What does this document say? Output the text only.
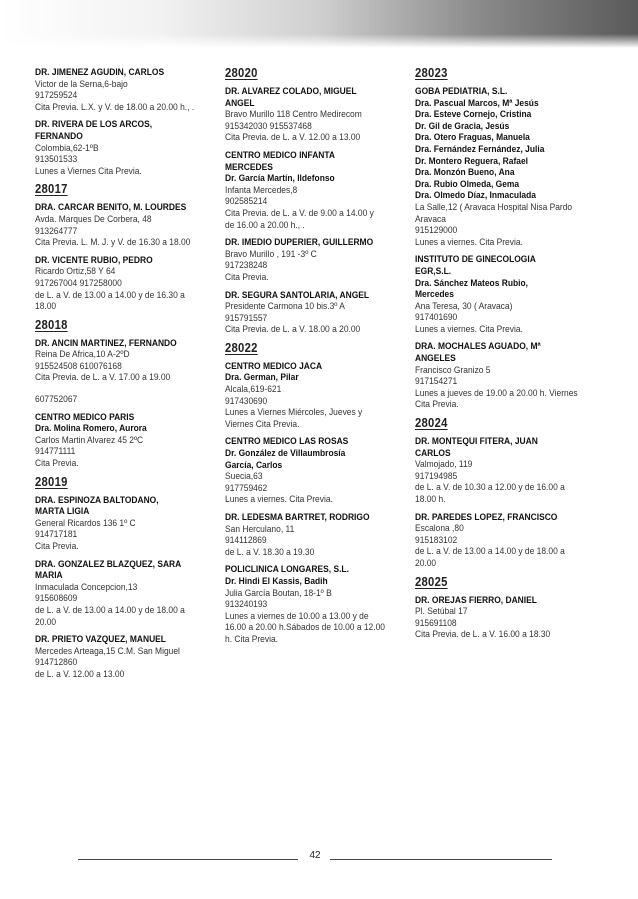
DR. JIMENEZ AGUDIN, CARLOS
Victor de la Serna,6-bajo
917259524
Cita Previa. L.X. y V. de 18.00 a 20.00 h., .
DR. RIVERA DE LOS ARCOS,
FERNANDO
Colombia,62-1ºB
913501533
Lunes a Viernes Cita Previa.
28017
DRA. CARCAR BENITO, M. LOURDES
Avda. Marques De Corbera, 48
913264777
Cita Previa. L. M. J. y V. de 16.30 a 18.00
DR. VICENTE RUBIO, PEDRO
Ricardo Ortiz,58 Y 64
917267004 917258000
de L. a V. de 13.00 a 14.00 y de 16.30 a
18.00
28018
DR. ANCIN MARTINEZ, FERNANDO
Reina De Africa,10 A-2ºD
915524508 610076168
Cita Previa. de L. a V. 17.00 a 19.00
607752067
CENTRO MEDICO PARIS
Dra. Molina Romero, Aurora
Carlos Martin Alvarez 45 2ºC
914771111
Cita Previa.
28019
DRA. ESPINOZA BALTODANO,
MARTA LIGIA
General Ricardos 136 1º C
914717181
Cita Previa.
DRA. GONZALEZ BLAZQUEZ, SARA
MARIA
Inmaculada Concepcion,13
915608609
de L. a V. de 13.00 a 14.00 y de 18.00 a
20.00
DR. PRIETO VAZQUEZ, MANUEL
Mercedes Arteaga,15 C.M. San Miguel
914712860
de L. a V. 12.00 a 13.00
28020
DR. ALVAREZ COLADO, MIGUEL
ANGEL
Bravo Murillo 118 Centro Medirecom
915342030 915537468
Cita Previa. de L. a V. 12.00 a 13.00
CENTRO MEDICO INFANTA
MERCEDES
Dr. García Martín, Ildefonso
Infanta Mercedes,8
902585214
Cita Previa. de L. a V. de 9.00 a 14.00 y
de 16.00 a 20.00 h., .
DR. IMEDIO DUPERIER, GUILLERMO
Bravo Murillo , 191 -3º C
917238248
Cita Previa.
DR. SEGURA SANTOLARIA, ANGEL
Presidente Carmona 10 bis.3º A
915791557
Cita Previa. de L. a V. 18.00 a 20.00
28022
CENTRO MEDICO JACA
Dra. German, Pilar
Alcala,619-621
917430690
Lunes a Viernes Miércoles, Jueves y
Viernes Cita Previa.
CENTRO MEDICO LAS ROSAS
Dr. González de Villaumbrosía
García, Carlos
Suecia,63
917759462
Lunes a viernes. Cita Previa.
DR. LEDESMA BARTRET, RODRIGO
San Herculano, 11
914112869
de L. a V. 18.30 a 19.30
POLICLINICA LONGARES, S.L.
Dr. Hindi El Kassis, Badih
Julia García Boutan, 18-1º B
913240193
Lunes a viernes de 10.00 a 13.00 y de
16.00 a 20.00 h.Sábados de 10.00 a 12.00
h. Cita Previa.
28023
GOBA PEDIATRIA, S.L.
Dra. Pascual Marcos, Mª Jesús
Dra. Esteve Cornejo, Cristina
Dr. Gil de Gracia, Jesús
Dra. Otero Fraguas, Manuela
Dra. Fernández Fernández, Julia
Dr. Montero Reguera, Rafael
Dra. Monzón Bueno, Ana
Dra. Rubio Olmeda, Gema
Dra. Olmedo Díaz, Inmaculada
La Salle,12 ( Aravaca Hospital Nisa Pardo
Aravaca
915129000
Lunes a viernes. Cita Previa.
INSTITUTO DE GINECOLOGIA
EGR,S.L.
Dra. Sánchez Mateos Rubio,
Mercedes
Ana Teresa, 30 ( Aravaca)
917401690
Lunes a viernes. Cita Previa.
DRA. MOCHALES AGUADO, Mª
ANGELES
Francisco Granizo 5
917154271
Lunes a jueves de 19.00 a 20.00 h. Viernes
Cita Previa.
28024
DR. MONTEQUI FITERA, JUAN
CARLOS
Valmojado, 119
917194985
de L. a V. de 10.30 a 12.00 y de 16.00 a
18.00 h.
DR. PAREDES LOPEZ, FRANCISCO
Escalona ,80
915183102
de L. a V. de 13.00 a 14.00 y de 18.00 a
20.00
28025
DR. OREJAS FIERRO, DANIEL
Pl. Setúbal 17
915691108
Cita Previa. de L. a V. 16.00 a 18.30
42
